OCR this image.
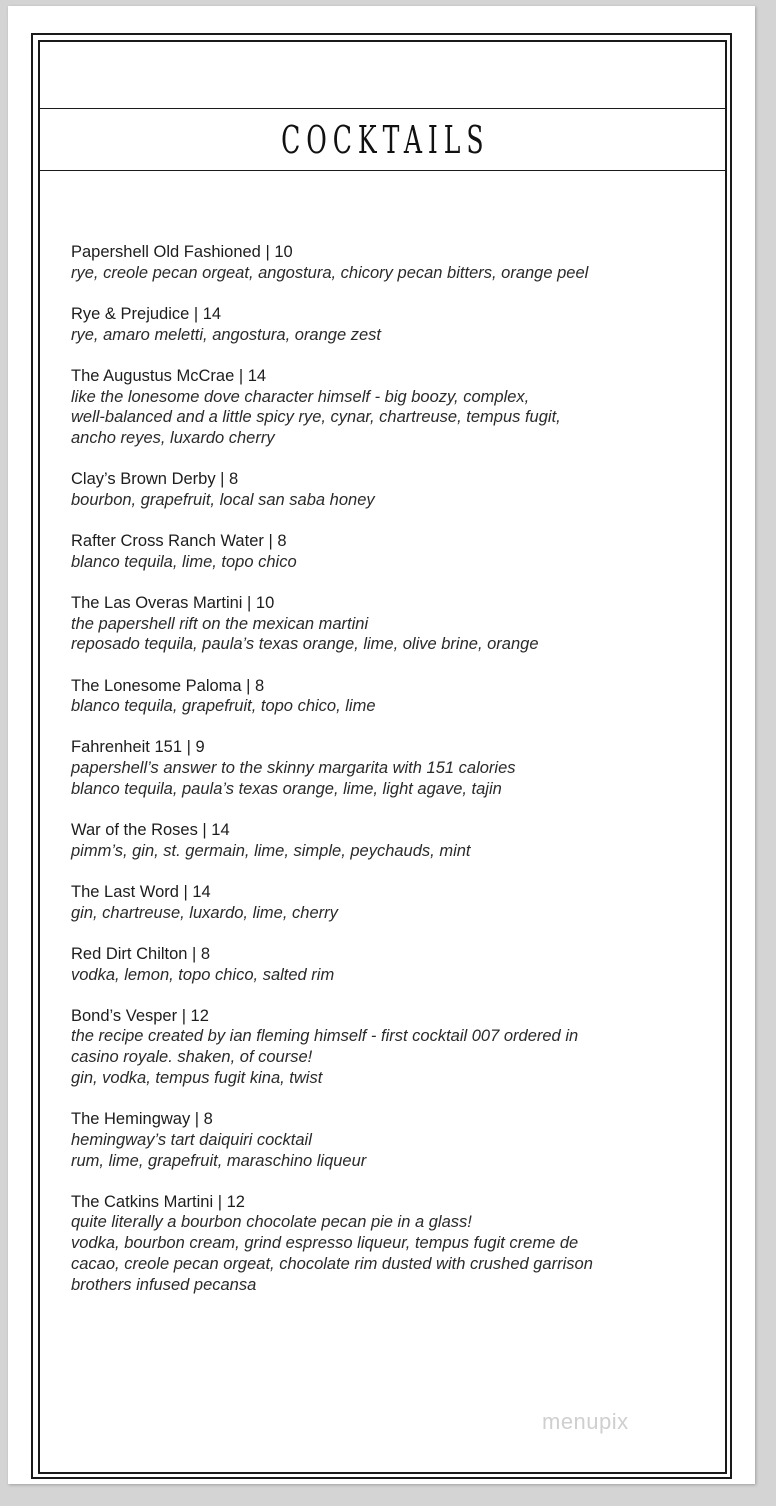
COCKTAILS
Papershell Old Fashioned | 10
rye, creole pecan orgeat, angostura, chicory pecan bitters, orange peel
Rye & Prejudice | 14
rye, amaro meletti, angostura, orange zest
The Augustus McCrae | 14
like the lonesome dove character himself - big boozy, complex,
well-balanced and a little spicy rye, cynar, chartreuse, tempus fugit,
ancho reyes, luxardo cherry
Clay’s Brown Derby | 8
bourbon, grapefruit, local san saba honey
Rafter Cross Ranch Water | 8
blanco tequila, lime, topo chico
The Las Overas Martini | 10
the papershell rift on the mexican martini
reposado tequila, paula’s texas orange, lime, olive brine, orange
The Lonesome Paloma | 8
blanco tequila, grapefruit, topo chico, lime
Fahrenheit 151 | 9
papershell’s answer to the skinny margarita with 151 calories
blanco tequila, paula’s texas orange, lime, light agave, tajin
War of the Roses | 14
pimm’s, gin, st. germain, lime, simple, peychauds, mint
The Last Word | 14
gin, chartreuse, luxardo, lime, cherry
Red Dirt Chilton | 8
vodka, lemon, topo chico, salted rim
Bond’s Vesper | 12
the recipe created by ian fleming himself - first cocktail 007 ordered in
casino royale. shaken, of course!
gin, vodka, tempus fugit kina, twist
The Hemingway | 8
hemingway’s tart daiquiri cocktail
rum, lime, grapefruit, maraschino liqueur
The Catkins Martini | 12
quite literally a bourbon chocolate pecan pie in a glass!
vodka, bourbon cream, grind espresso liqueur, tempus fugit creme de
cacao, creole pecan orgeat, chocolate rim dusted with crushed garrison
brothers infused pecansa
menupix
